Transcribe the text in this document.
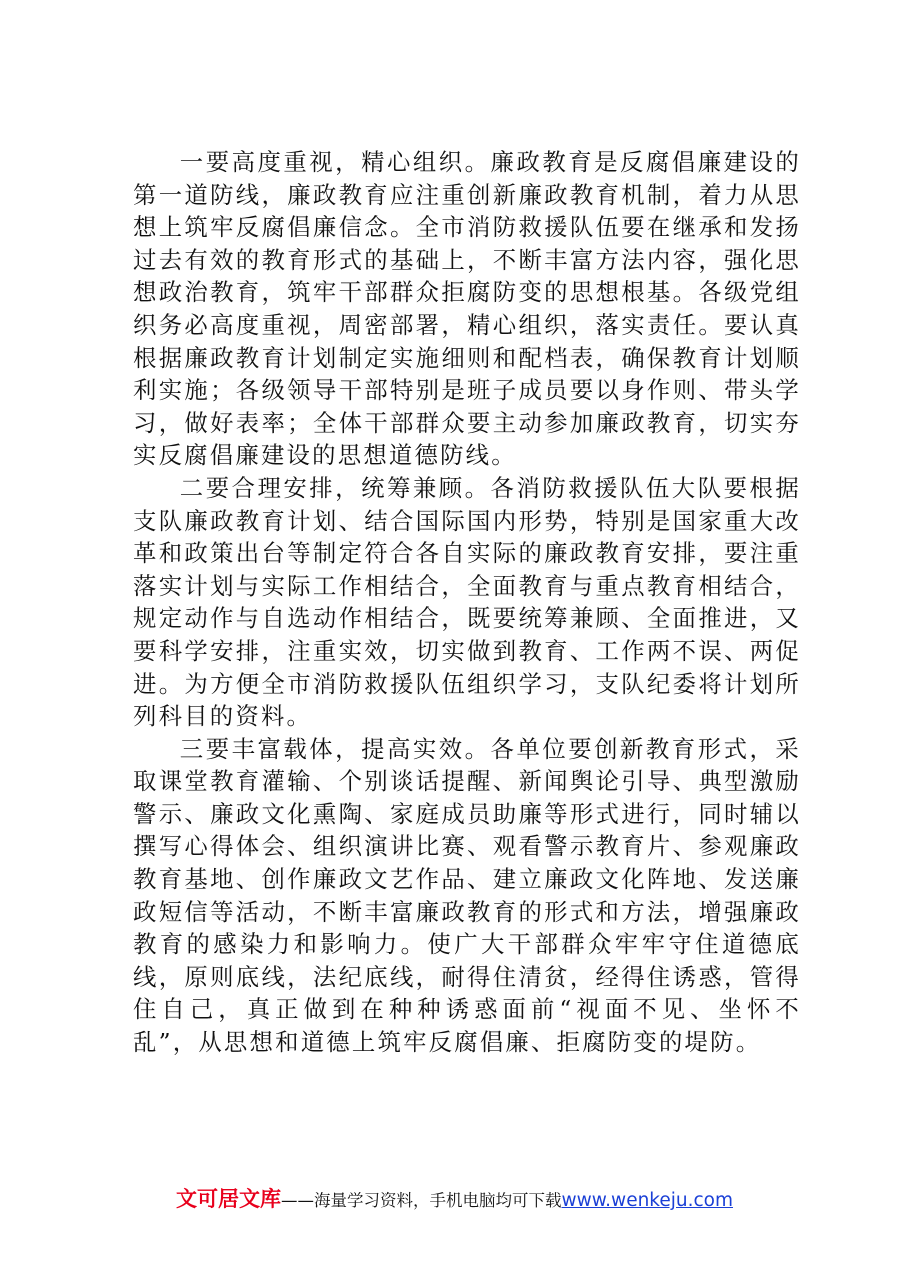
一要高度重视，精心组织。廉政教育是反腐倡廉建设的第一道防线，廉政教育应注重创新廉政教育机制，着力从思想上筑牢反腐倡廉信念。全市消防救援队伍要在继承和发扬过去有效的教育形式的基础上，不断丰富方法内容，强化思想政治教育，筑牢干部群众拒腐防变的思想根基。各级党组织务必高度重视，周密部署，精心组织，落实责任。要认真根据廉政教育计划制定实施细则和配档表，确保教育计划顺利实施；各级领导干部特别是班子成员要以身作则、带头学习，做好表率；全体干部群众要主动参加廉政教育，切实夯实反腐倡廉建设的思想道德防线。

二要合理安排，统筹兼顾。各消防救援队伍大队要根据支队廉政教育计划、结合国际国内形势，特别是国家重大改革和政策出台等制定符合各自实际的廉政教育安排，要注重落实计划与实际工作相结合，全面教育与重点教育相结合，规定动作与自选动作相结合，既要统筹兼顾、全面推进，又要科学安排，注重实效，切实做到教育、工作两不误、两促进。为方便全市消防救援队伍组织学习，支队纪委将计划所列科目的资料。

三要丰富载体，提高实效。各单位要创新教育形式，采取课堂教育灌输、个别谈话提醒、新闻舆论引导、典型激励警示、廉政文化熏陶、家庭成员助廉等形式进行，同时辅以撰写心得体会、组织演讲比赛、观看警示教育片、参观廉政教育基地、创作廉政文艺作品、建立廉政文化阵地、发送廉政短信等活动，不断丰富廉政教育的形式和方法，增强廉政教育的感染力和影响力。使广大干部群众牢牢守住道德底线，原则底线，法纪底线，耐得住清贫，经得住诱惑，管得住自己，真正做到在种种诱惑面前“视面不见、坐怀不乱”，从思想和道德上筑牢反腐倡廉、拒腐防变的堤防。

文可居文库——海量学习资料，手机电脑均可下载www.wenkeju.com
